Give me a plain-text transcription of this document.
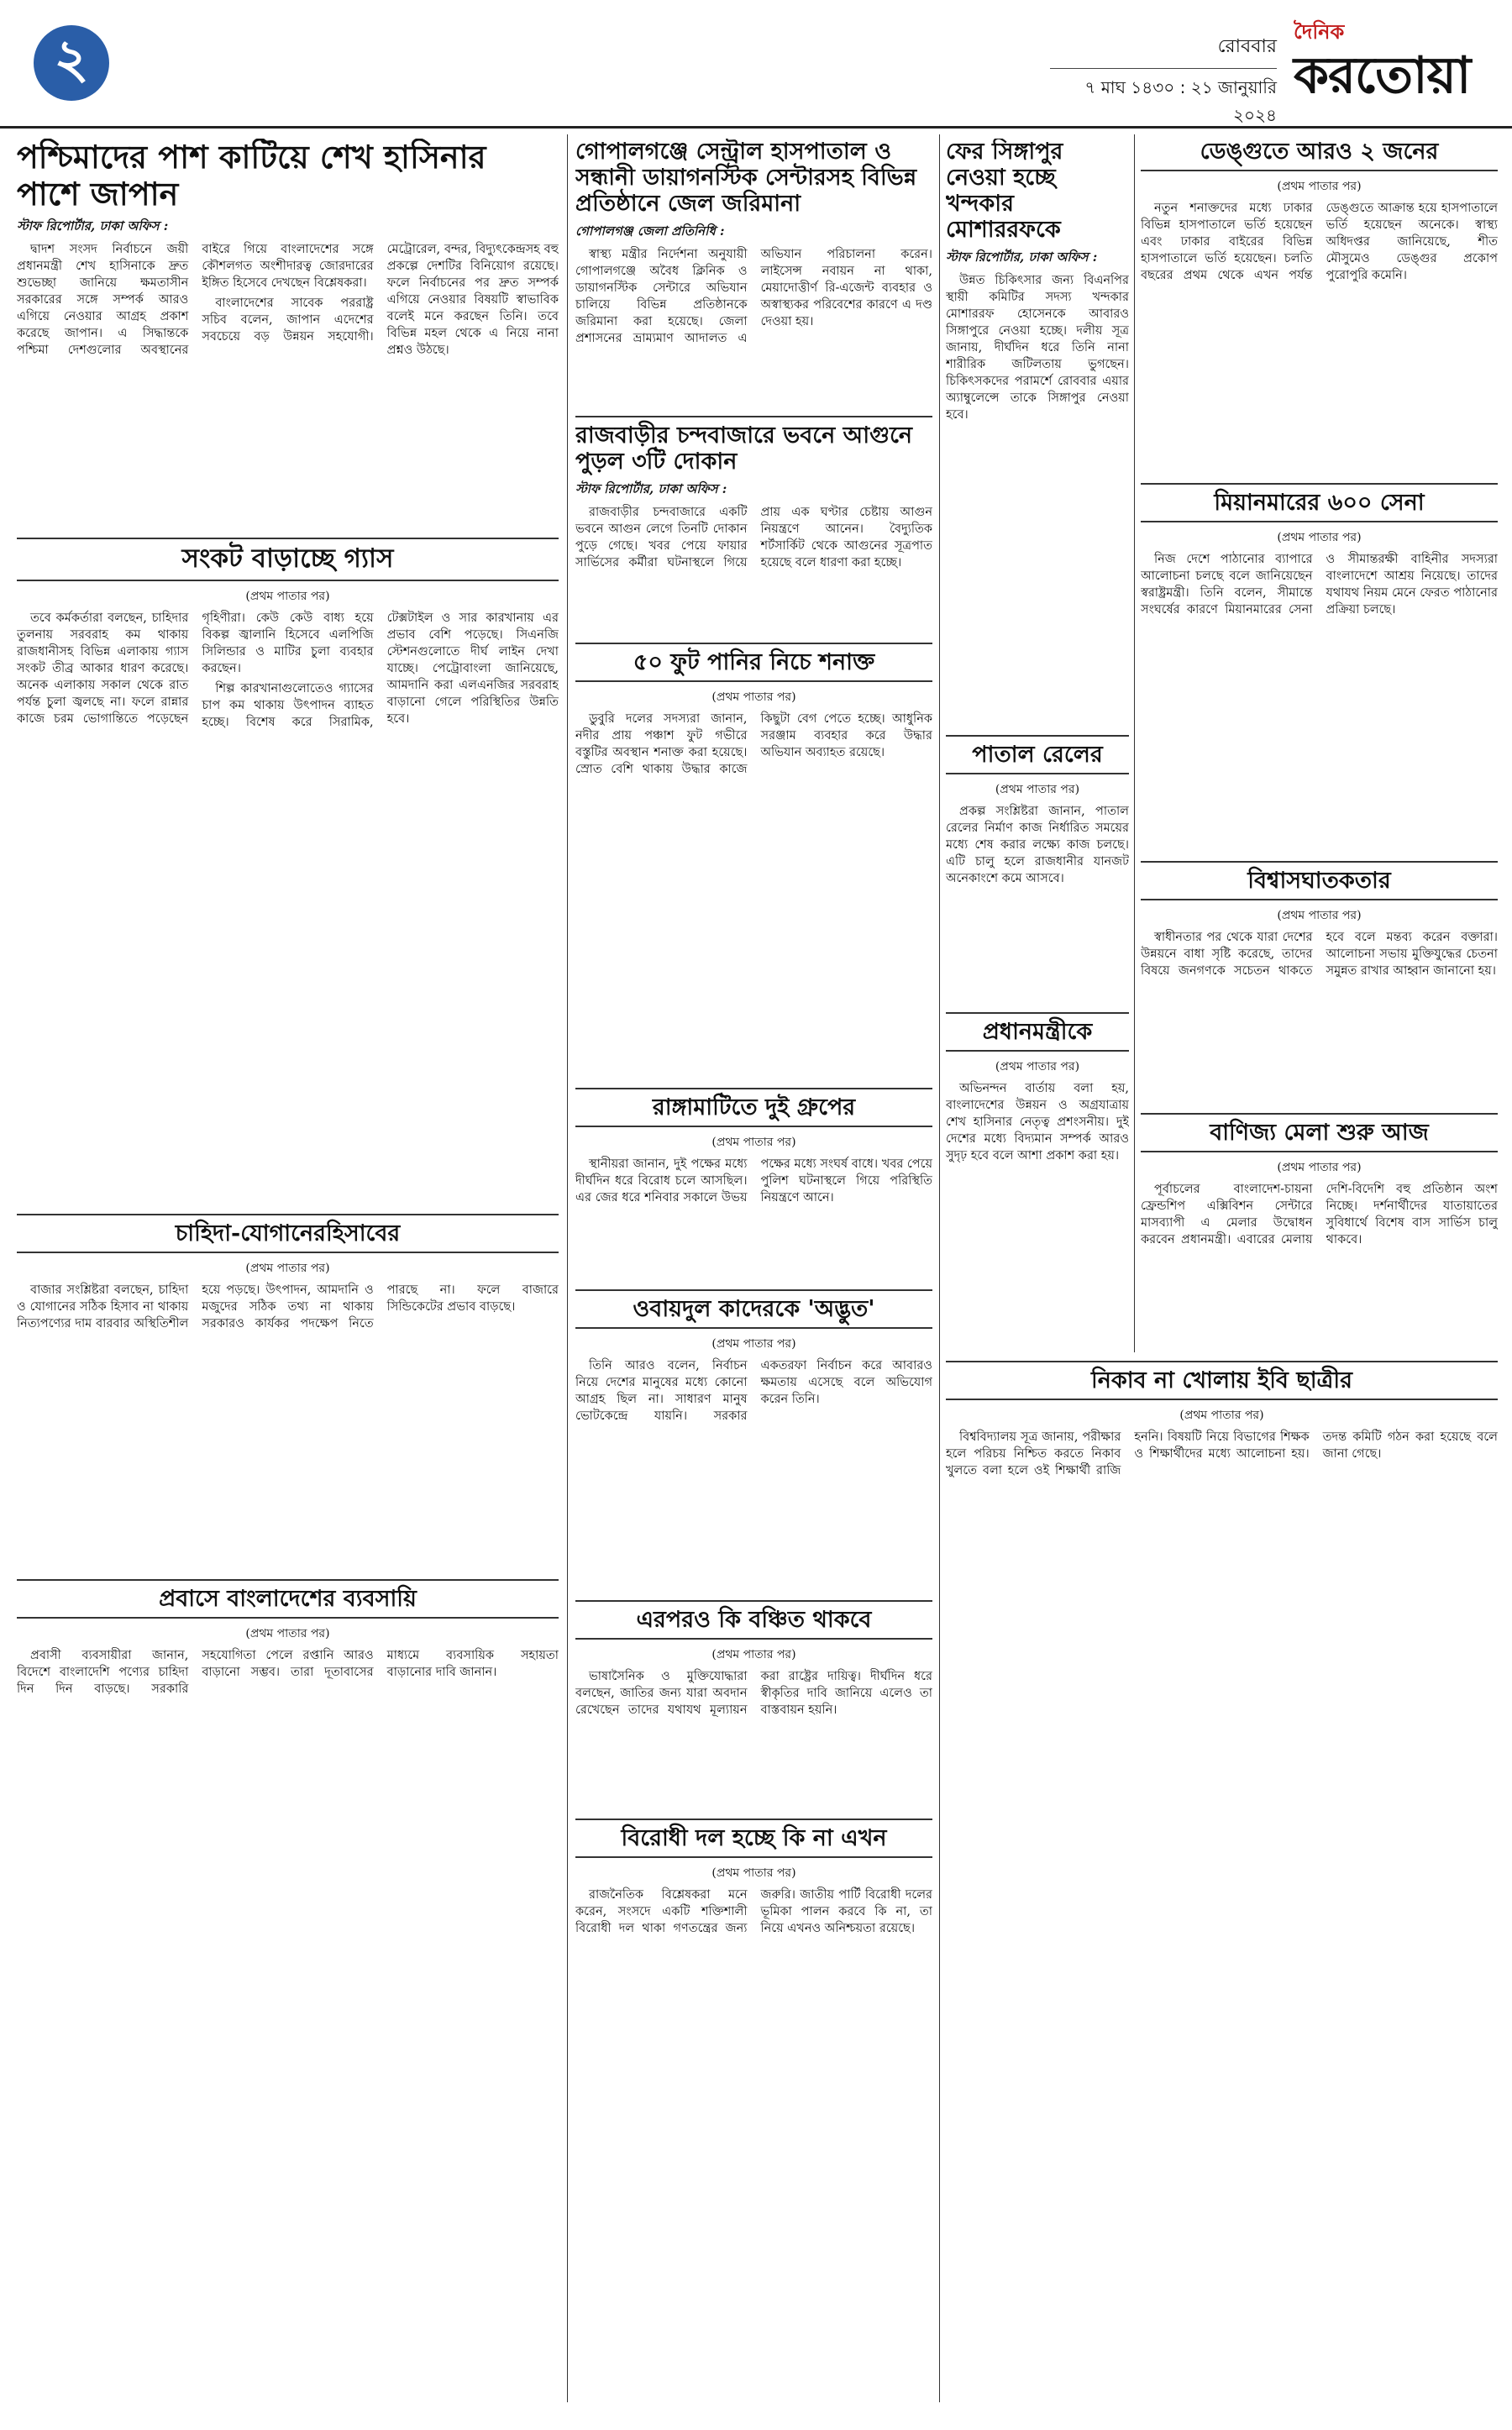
২	রোববার
৭ মাঘ ১৪৩০ : ২১ জানুয়ারি ২০২৪
দৈনিক
করতোয়া
পশ্চিমাদের পাশ কাটিয়ে শেখ হাসিনার পাশে জাপান
স্টাফ রিপোর্টার, ঢাকা অফিস :

দ্বাদশ সংসদ নির্বাচনে জয়ী প্রধানমন্ত্রী শেখ হাসিনাকে দ্রুত শুভেচ্ছা জানিয়ে ক্ষমতাসীন সরকারের সঙ্গে সম্পর্ক আরও এগিয়ে নেওয়ার আগ্রহ প্রকাশ করেছে জাপান। এ সিদ্ধান্তকে পশ্চিমা দেশগুলোর অবস্থানের বাইরে গিয়ে বাংলাদেশের সঙ্গে কৌশলগত অংশীদারত্ব জোরদারের ইঙ্গিত হিসেবে দেখছেন বিশ্লেষকরা।

বাংলাদেশের সাবেক পররাষ্ট্র সচিব বলেন, জাপান এদেশের সবচেয়ে বড় উন্নয়ন সহযোগী। মেট্রোরেল, বন্দর, বিদ্যুৎকেন্দ্রসহ বহু প্রকল্পে দেশটির বিনিয়োগ রয়েছে। ফলে নির্বাচনের পর দ্রুত সম্পর্ক এগিয়ে নেওয়ার বিষয়টি স্বাভাবিক বলেই মনে করছেন তিনি। তবে বিভিন্ন মহল থেকে এ নিয়ে নানা প্রশ্নও উঠছে।

সংকট বাড়াচ্ছে গ্যাস
(প্রথম পাতার পর)

তবে কর্মকর্তারা বলছেন, চাহিদার তুলনায় সরবরাহ কম থাকায় রাজধানীসহ বিভিন্ন এলাকায় গ্যাস সংকট তীব্র আকার ধারণ করেছে। অনেক এলাকায় সকাল থেকে রাত পর্যন্ত চুলা জ্বলছে না। ফলে রান্নার কাজে চরম ভোগান্তিতে পড়েছেন গৃহিণীরা। কেউ কেউ বাধ্য হয়ে বিকল্প জ্বালানি হিসেবে এলপিজি সিলিন্ডার ও মাটির চুলা ব্যবহার করছেন।

শিল্প কারখানাগুলোতেও গ্যাসের চাপ কম থাকায় উৎপাদন ব্যাহত হচ্ছে। বিশেষ করে সিরামিক, টেক্সটাইল ও সার কারখানায় এর প্রভাব বেশি পড়েছে। সিএনজি স্টেশনগুলোতে দীর্ঘ লাইন দেখা যাচ্ছে। পেট্রোবাংলা জানিয়েছে, আমদানি করা এলএনজির সরবরাহ বাড়ানো গেলে পরিস্থিতির উন্নতি হবে।

চাহিদা-যোগানেরহিসাবের
(প্রথম পাতার পর)

বাজার সংশ্লিষ্টরা বলছেন, চাহিদা ও যোগানের সঠিক হিসাব না থাকায় নিত্যপণ্যের দাম বারবার অস্থিতিশীল হয়ে পড়ছে। উৎপাদন, আমদানি ও মজুদের সঠিক তথ্য না থাকায় সরকারও কার্যকর পদক্ষেপ নিতে পারছে না। ফলে বাজারে সিন্ডিকেটের প্রভাব বাড়ছে।

প্রবাসে বাংলাদেশের ব্যবসায়ি
(প্রথম পাতার পর)

প্রবাসী ব্যবসায়ীরা জানান, বিদেশে বাংলাদেশি পণ্যের চাহিদা দিন দিন বাড়ছে। সরকারি সহযোগিতা পেলে রপ্তানি আরও বাড়ানো সম্ভব। তারা দূতাবাসের মাধ্যমে ব্যবসায়িক সহায়তা বাড়ানোর দাবি জানান।

গোপালগঞ্জে সেন্ট্রাল হাসপাতাল ও সন্ধানী ডায়াগনস্টিক সেন্টারসহ বিভিন্ন প্রতিষ্ঠানে জেল জরিমানা
গোপালগঞ্জ জেলা প্রতিনিধি :

স্বাস্থ্য মন্ত্রীর নির্দেশনা অনুযায়ী গোপালগঞ্জে অবৈধ ক্লিনিক ও ডায়াগনস্টিক সেন্টারে অভিযান চালিয়ে বিভিন্ন প্রতিষ্ঠানকে জরিমানা করা হয়েছে। জেলা প্রশাসনের ভ্রাম্যমাণ আদালত এ অভিযান পরিচালনা করেন। লাইসেন্স নবায়ন না থাকা, মেয়াদোত্তীর্ণ রি-এজেন্ট ব্যবহার ও অস্বাস্থ্যকর পরিবেশের কারণে এ দণ্ড দেওয়া হয়।

রাজবাড়ীর চন্দবাজারে ভবনে আগুনে পুড়ল ৩টি দোকান
স্টাফ রিপোর্টার, ঢাকা অফিস :

রাজবাড়ীর চন্দবাজারে একটি ভবনে আগুন লেগে তিনটি দোকান পুড়ে গেছে। খবর পেয়ে ফায়ার সার্ভিসের কর্মীরা ঘটনাস্থলে গিয়ে প্রায় এক ঘণ্টার চেষ্টায় আগুন নিয়ন্ত্রণে আনেন। বৈদ্যুতিক শর্টসার্কিট থেকে আগুনের সূত্রপাত হয়েছে বলে ধারণা করা হচ্ছে।

৫০ ফুট পানির নিচে শনাক্ত
(প্রথম পাতার পর)

ডুবুরি দলের সদস্যরা জানান, নদীর প্রায় পঞ্চাশ ফুট গভীরে বস্তুটির অবস্থান শনাক্ত করা হয়েছে। স্রোত বেশি থাকায় উদ্ধার কাজে কিছুটা বেগ পেতে হচ্ছে। আধুনিক সরঞ্জাম ব্যবহার করে উদ্ধার অভিযান অব্যাহত রয়েছে।

রাঙ্গামাটিতে দুই গ্রুপের
(প্রথম পাতার পর)

স্থানীয়রা জানান, দুই পক্ষের মধ্যে দীর্ঘদিন ধরে বিরোধ চলে আসছিল। এর জের ধরে শনিবার সকালে উভয় পক্ষের মধ্যে সংঘর্ষ বাধে। খবর পেয়ে পুলিশ ঘটনাস্থলে গিয়ে পরিস্থিতি নিয়ন্ত্রণে আনে।

ওবায়দুল কাদেরকে 'অদ্ভুত'
(প্রথম পাতার পর)

তিনি আরও বলেন, নির্বাচন নিয়ে দেশের মানুষের মধ্যে কোনো আগ্রহ ছিল না। সাধারণ মানুষ ভোটকেন্দ্রে যায়নি। সরকার একতরফা নির্বাচন করে আবারও ক্ষমতায় এসেছে বলে অভিযোগ করেন তিনি।

এরপরও কি বঞ্চিত থাকবে
(প্রথম পাতার পর)

ভাষাসৈনিক ও মুক্তিযোদ্ধারা বলছেন, জাতির জন্য যারা অবদান রেখেছেন তাদের যথাযথ মূল্যায়ন করা রাষ্ট্রের দায়িত্ব। দীর্ঘদিন ধরে স্বীকৃতির দাবি জানিয়ে এলেও তা বাস্তবায়ন হয়নি।

বিরোধী দল হচ্ছে কি না এখন
(প্রথম পাতার পর)

রাজনৈতিক বিশ্লেষকরা মনে করেন, সংসদে একটি শক্তিশালী বিরোধী দল থাকা গণতন্ত্রের জন্য জরুরি। জাতীয় পার্টি বিরোধী দলের ভূমিকা পালন করবে কি না, তা নিয়ে এখনও অনিশ্চয়তা রয়েছে।

ফের সিঙ্গাপুর নেওয়া হচ্ছে খন্দকার মোশাররফকে
স্টাফ রিপোর্টার, ঢাকা অফিস :

উন্নত চিকিৎসার জন্য বিএনপির স্থায়ী কমিটির সদস্য খন্দকার মোশাররফ হোসেনকে আবারও সিঙ্গাপুরে নেওয়া হচ্ছে। দলীয় সূত্র জানায়, দীর্ঘদিন ধরে তিনি নানা শারীরিক জটিলতায় ভুগছেন। চিকিৎসকদের পরামর্শে রোববার এয়ার অ্যাম্বুলেন্সে তাকে সিঙ্গাপুর নেওয়া হবে।

পাতাল রেলের
(প্রথম পাতার পর)

প্রকল্প সংশ্লিষ্টরা জানান, পাতাল রেলের নির্মাণ কাজ নির্ধারিত সময়ের মধ্যে শেষ করার লক্ষ্যে কাজ চলছে। এটি চালু হলে রাজধানীর যানজট অনেকাংশে কমে আসবে।

প্রধানমন্ত্রীকে
(প্রথম পাতার পর)

অভিনন্দন বার্তায় বলা হয়, বাংলাদেশের উন্নয়ন ও অগ্রযাত্রায় শেখ হাসিনার নেতৃত্ব প্রশংসনীয়। দুই দেশের মধ্যে বিদ্যমান সম্পর্ক আরও সুদৃঢ় হবে বলে আশা প্রকাশ করা হয়।

ডেঙ্গুতে আরও ২ জনের
(প্রথম পাতার পর)

নতুন শনাক্তদের মধ্যে ঢাকার বিভিন্ন হাসপাতালে ভর্তি হয়েছেন এবং ঢাকার বাইরের বিভিন্ন হাসপাতালে ভর্তি হয়েছেন। চলতি বছরের প্রথম থেকে এখন পর্যন্ত ডেঙ্গুতে আক্রান্ত হয়ে হাসপাতালে ভর্তি হয়েছেন অনেকে। স্বাস্থ্য অধিদপ্তর জানিয়েছে, শীত মৌসুমেও ডেঙ্গুর প্রকোপ পুরোপুরি কমেনি।

মিয়ানমারের ৬০০ সেনা
(প্রথম পাতার পর)

নিজ দেশে পাঠানোর ব্যাপারে আলোচনা চলছে বলে জানিয়েছেন স্বরাষ্ট্রমন্ত্রী। তিনি বলেন, সীমান্তে সংঘর্ষের কারণে মিয়ানমারের সেনা ও সীমান্তরক্ষী বাহিনীর সদস্যরা বাংলাদেশে আশ্রয় নিয়েছে। তাদের যথাযথ নিয়ম মেনে ফেরত পাঠানোর প্রক্রিয়া চলছে।

বিশ্বাসঘাতকতার
(প্রথম পাতার পর)

স্বাধীনতার পর থেকে যারা দেশের উন্নয়নে বাধা সৃষ্টি করেছে, তাদের বিষয়ে জনগণকে সচেতন থাকতে হবে বলে মন্তব্য করেন বক্তারা। আলোচনা সভায় মুক্তিযুদ্ধের চেতনা সমুন্নত রাখার আহ্বান জানানো হয়।

বাণিজ্য মেলা শুরু আজ
(প্রথম পাতার পর)

পূর্বাচলের বাংলাদেশ-চায়না ফ্রেন্ডশিপ এক্সিবিশন সেন্টারে মাসব্যাপী এ মেলার উদ্বোধন করবেন প্রধানমন্ত্রী। এবারের মেলায় দেশি-বিদেশি বহু প্রতিষ্ঠান অংশ নিচ্ছে। দর্শনার্থীদের যাতায়াতের সুবিধার্থে বিশেষ বাস সার্ভিস চালু থাকবে।

নিকাব না খোলায় ইবি ছাত্রীর
(প্রথম পাতার পর)

বিশ্ববিদ্যালয় সূত্র জানায়, পরীক্ষার হলে পরিচয় নিশ্চিত করতে নিকাব খুলতে বলা হলে ওই শিক্ষার্থী রাজি হননি। বিষয়টি নিয়ে বিভাগের শিক্ষক ও শিক্ষার্থীদের মধ্যে আলোচনা হয়। তদন্ত কমিটি গঠন করা হয়েছে বলে জানা গেছে।
